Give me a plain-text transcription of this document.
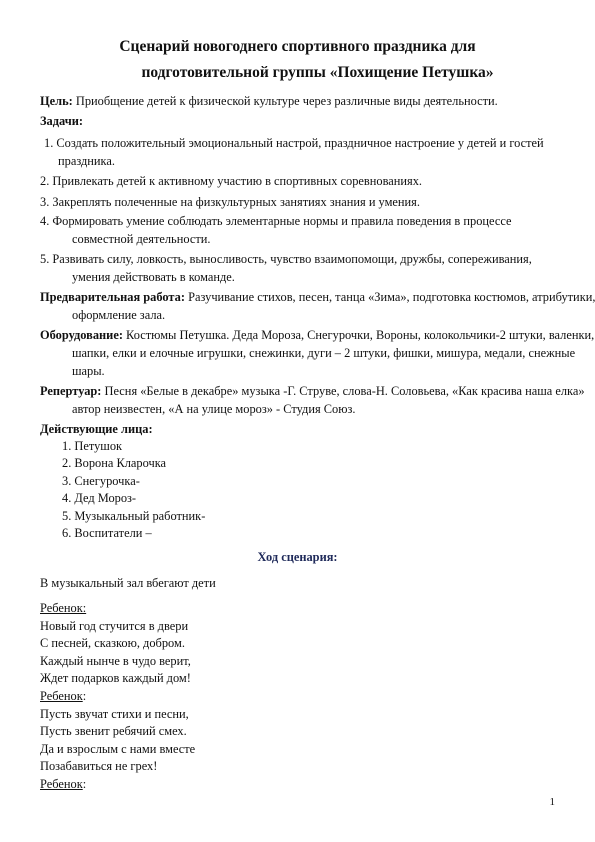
Сценарий новогоднего спортивного праздника для
подготовительной группы «Похищение Петушка»
Цель: Приобщение детей к физической культуре через различные виды деятельности.
Задачи:
1. Создать положительный эмоциональный настрой, праздничное настроение у детей и гостей праздника.
2. Привлекать детей к активному участию в спортивных соревнованиях.
3. Закреплять полеченные на физкультурных занятиях знания и умения.
4. Формировать умение соблюдать элементарные нормы и правила поведения в процессе совместной деятельности.
5. Развивать силу, ловкость, выносливость, чувство взаимопомощи, дружбы, сопереживания, умения действовать в команде.
Предварительная работа: Разучивание стихов, песен, танца «Зима», подготовка костюмов, атрибутики, оформление зала.
Оборудование: Костюмы Петушка. Деда Мороза, Снегурочки, Вороны, колокольчики-2 штуки, валенки, шапки, елки и елочные игрушки, снежинки, дуги – 2 штуки, фишки, мишура, медали, снежные шары.
Репертуар: Песня «Белые в декабре» музыка -Г. Струве, слова-Н. Соловьева, «Как красива наша елка» автор неизвестен, «А на улице мороз» - Студия Союз.
Действующие лица:
1. Петушок
2. Ворона Кларочка
3. Снегурочка-
4. Дед Мороз-
5. Музыкальный работник-
6. Воспитатели –
Ход сценария:
В музыкальный зал вбегают дети
Ребенок:
Новый год стучится в двери
С песней, сказкою, добром.
Каждый нынче в чудо верит,
Ждет подарков каждый дом!
Ребенок:
Пусть звучат стихи и песни,
Пусть звенит ребячий смех.
Да и взрослым с нами вместе
Позабавиться не грех!
Ребенок:
1
